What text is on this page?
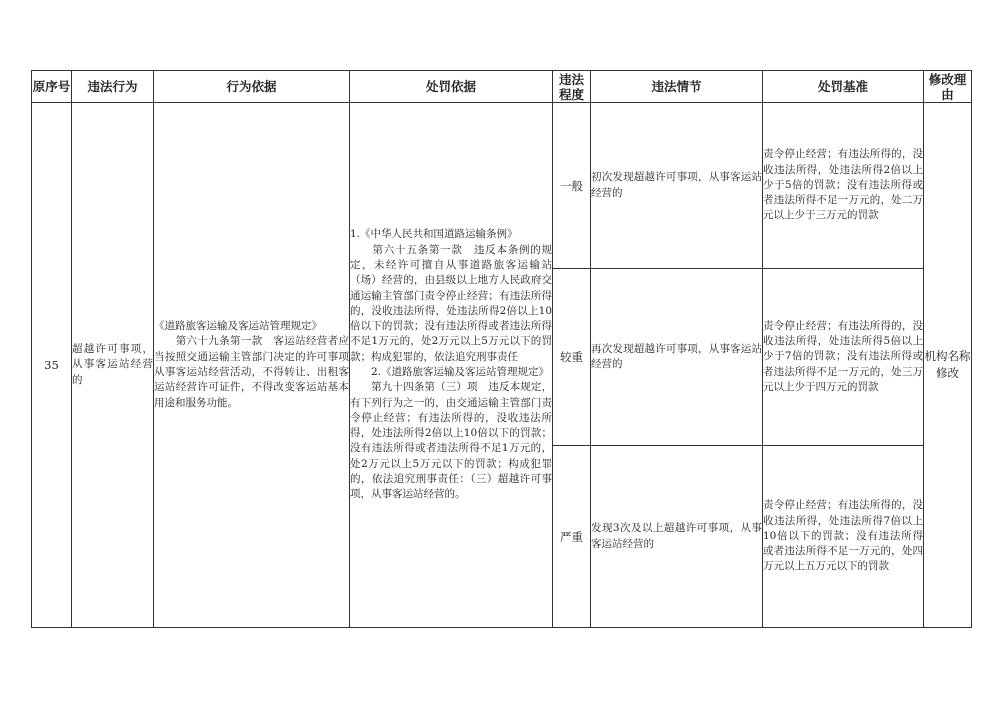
原序号	违法行为	行为依据	处罚依据	违法程度	违法情节	处罚基准	修改理由
35	超越许可事项，从事客运站经营的	《道路旅客运输及客运站管理规定》
　　第六十九条第一款　客运站经营者应当按照交通运输主管部门决定的许可事项从事客运站经营活动，不得转让、出租客运站经营许可证件，不得改变客运站基本用途和服务功能。	1.《中华人民共和国道路运输条例》
　　第六十五条第一款　违反本条例的规定，未经许可擅自从事道路旅客运输站（场）经营的，由县级以上地方人民政府交通运输主管部门责令停止经营；有违法所得的，没收违法所得，处违法所得2倍以上10倍以下的罚款；没有违法所得或者违法所得不足1万元的，处2万元以上5万元以下的罚款；构成犯罪的，依法追究刑事责任
　　2.《道路旅客运输及客运站管理规定》
　　第九十四条第（三）项　违反本规定，有下列行为之一的，由交通运输主管部门责令停止经营；有违法所得的，没收违法所得，处违法所得2倍以上10倍以下的罚款；没有违法所得或者违法所得不足1万元的，处2万元以上5万元以下的罚款；构成犯罪的，依法追究刑事责任：（三）超越许可事项，从事客运站经营的。	一般	初次发现超越许可事项，从事客运站经营的	责令停止经营；有违法所得的，没收违法所得，处违法所得2倍以上少于5倍的罚款；没有违法所得或者违法所得不足一万元的，处二万元以上少于三万元的罚款	机构名称修改
				较重	再次发现超越许可事项，从事客运站经营的	责令停止经营；有违法所得的，没收违法所得，处违法所得5倍以上少于7倍的罚款；没有违法所得或者违法所得不足一万元的，处三万元以上少于四万元的罚款	
				严重	发现3次及以上超越许可事项，从事客运站经营的	责令停止经营；有违法所得的，没收违法所得，处违法所得7倍以上10倍以下的罚款；没有违法所得或者违法所得不足一万元的，处四万元以上五万元以下的罚款	
